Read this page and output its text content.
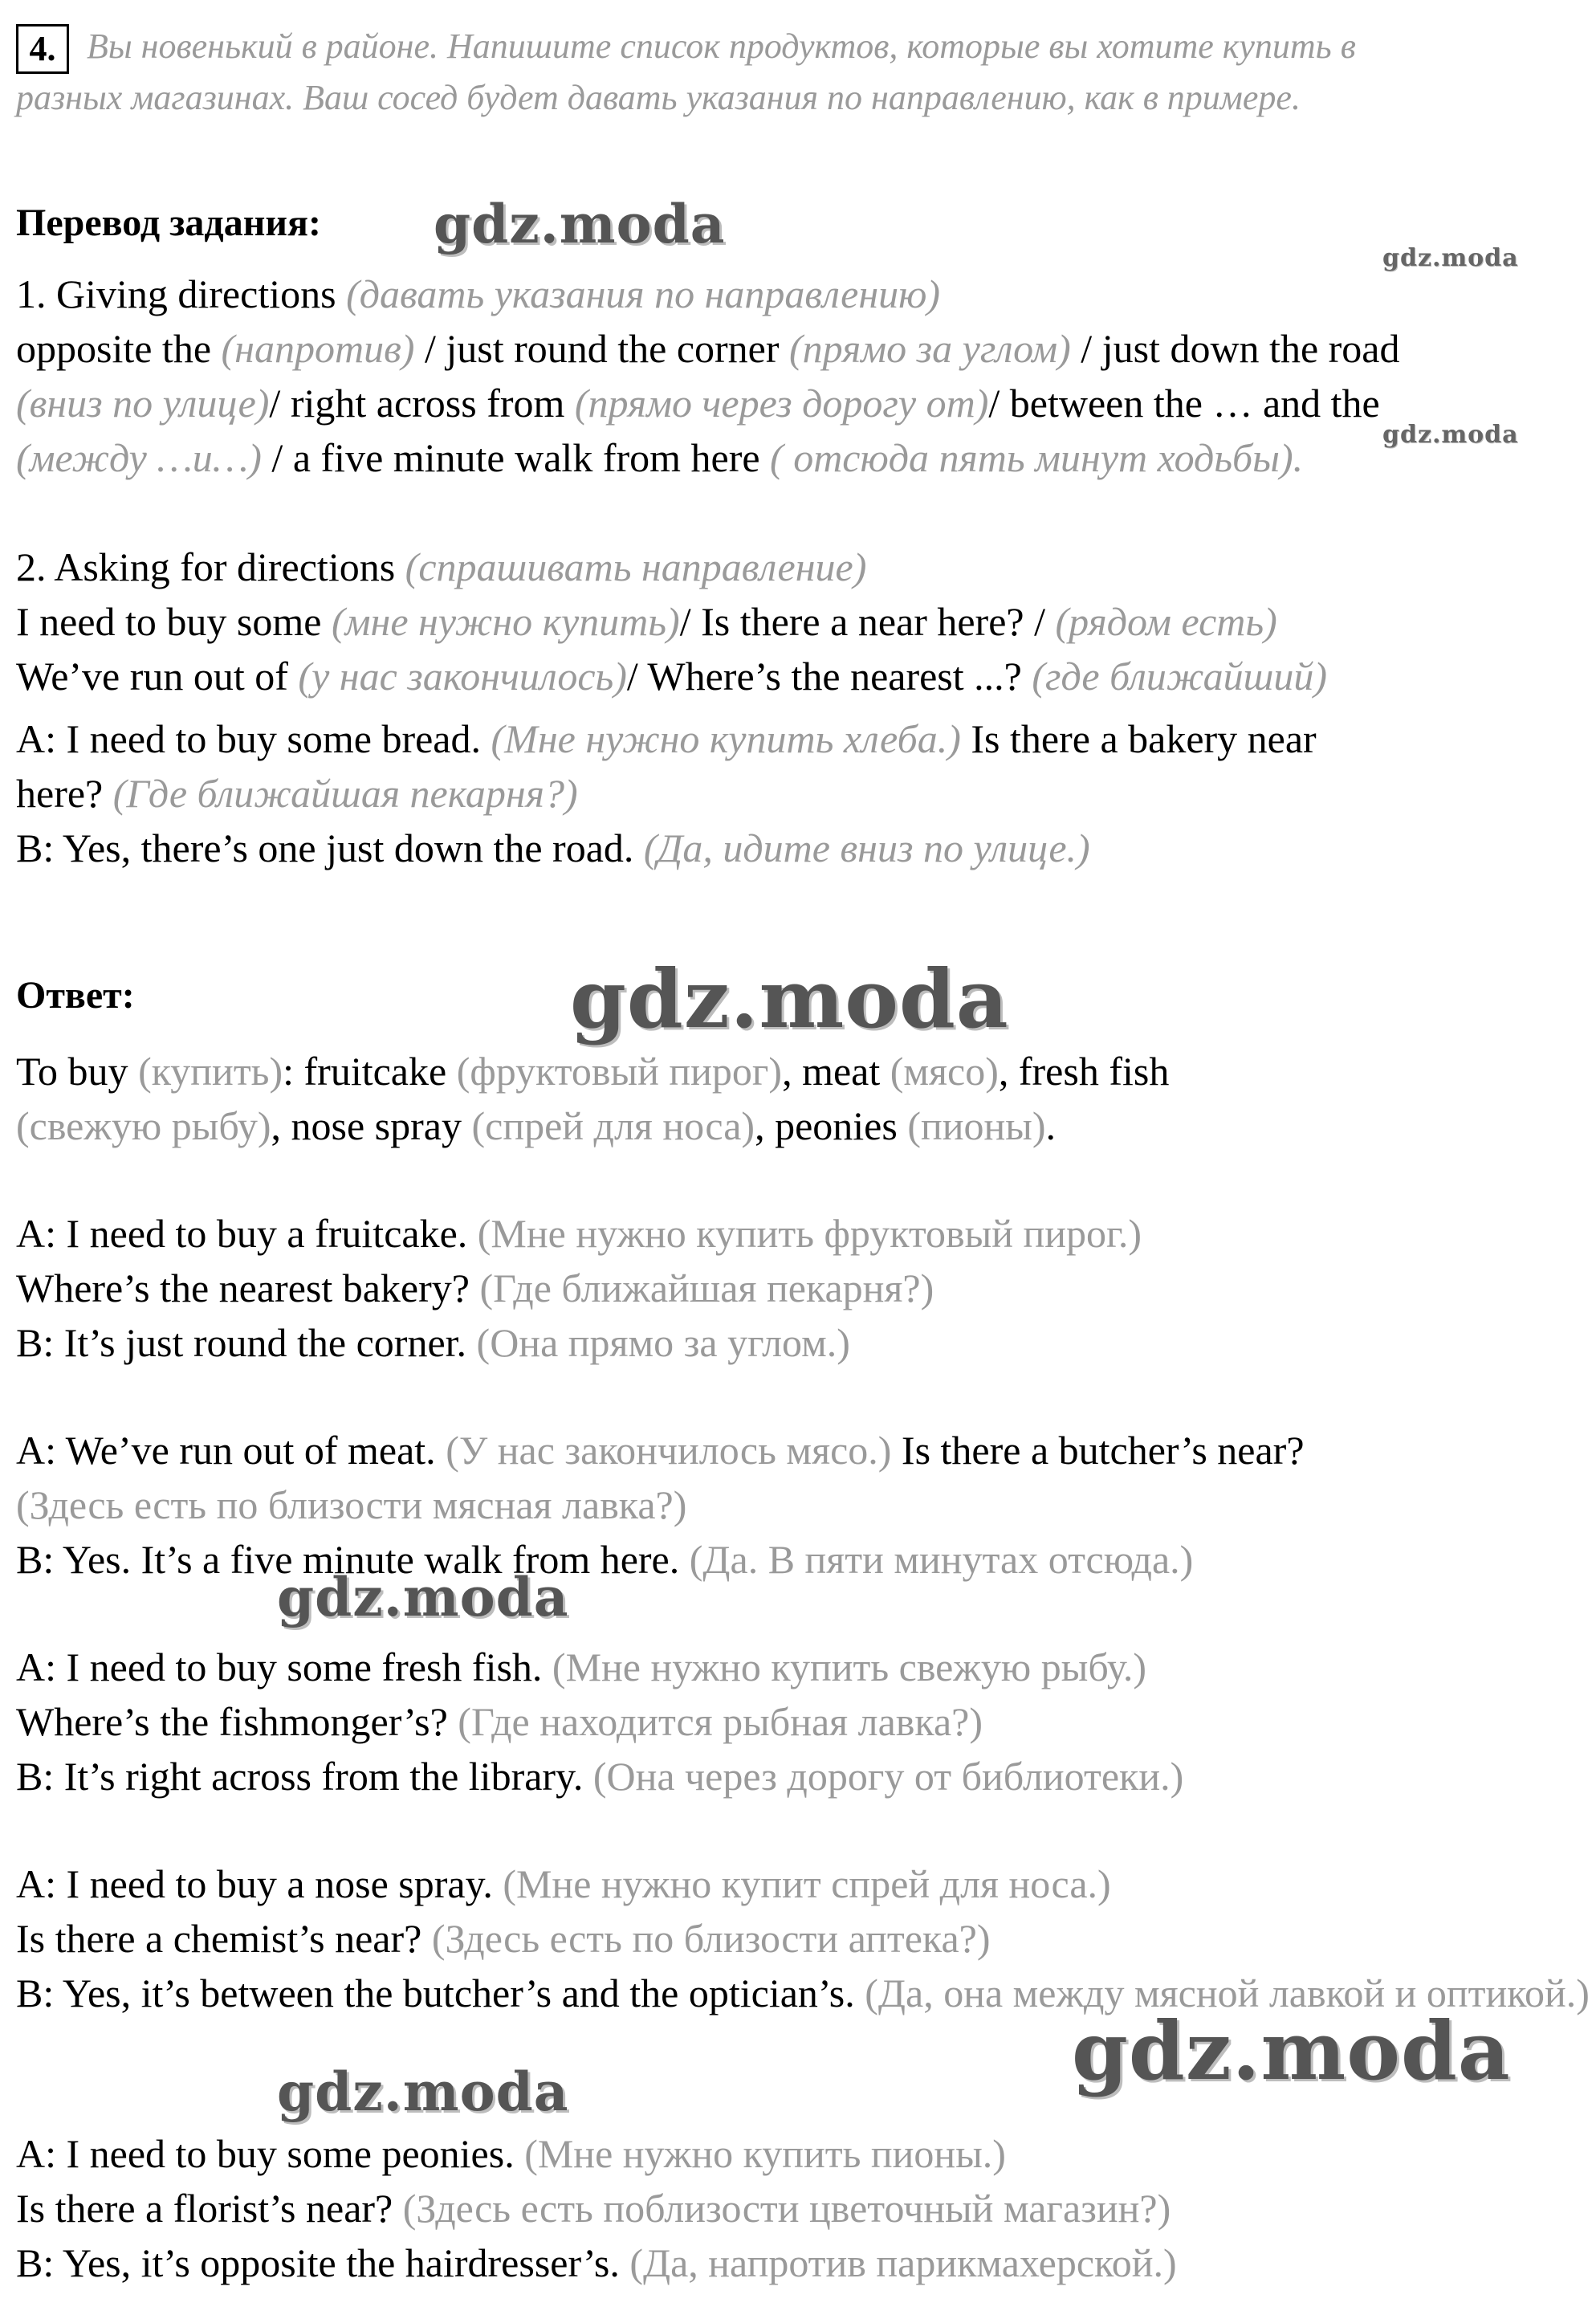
4. Вы новенький в районе. Напишите список продуктов, которые вы хотите купить в
разных магазинах. Ваш сосед будет давать указания по направлению, как в примере.
Перевод задания:
1. Giving directions (давать указания по направлению)
opposite the (напротив) / just round the corner (прямо за углом) / just down the road
(вниз по улице)/ right across from (прямо через дорогу от)/ between the … and the
(между …и…) / a five minute walk from here ( отсюда пять минут ходьбы).
2. Asking for directions (спрашивать направление)
I need to buy some (мне нужно купить)/ Is there a near here? / (рядом есть)
We’ve run out of (у нас закончилось)/ Where’s the nearest ...? (где ближайший)
A: I need to buy some bread. (Мне нужно купить хлеба.) Is there a bakery near
here? (Где ближайшая пекарня?)
B: Yes, there’s one just down the road. (Да, идите вниз по улице.)
Ответ:
To buy (купить): fruitcake (фруктовый пирог), meat (мясо), fresh fish
(свежую рыбу), nose spray (спрей для носа), peonies (пионы).
A: I need to buy a fruitcake. (Мне нужно купить фруктовый пирог.)
Where’s the nearest bakery? (Где ближайшая пекарня?)
B: It’s just round the corner. (Она прямо за углом.)
A: We’ve run out of meat. (У нас закончилось мясо.) Is there a butcher’s near?
(Здесь есть по близости мясная лавка?)
B: Yes. It’s a five minute walk from here. (Да. В пяти минутах отсюда.)
A: I need to buy some fresh fish. (Мне нужно купить свежую рыбу.)
Where’s the fishmonger’s? (Где находится рыбная лавка?)
B: It’s right across from the library. (Она через дорогу от библиотеки.)
A: I need to buy a nose spray. (Мне нужно купит спрей для носа.)
Is there a chemist’s near? (Здесь есть по близости аптека?)
B: Yes, it’s between the butcher’s and the optician’s. (Да, она между мясной лавкой и оптикой.)
A: I need to buy some peonies. (Мне нужно купить пионы.)
Is there a florist’s near? (Здесь есть поблизости цветочный магазин?)
B: Yes, it’s opposite the hairdresser’s. (Да, напротив парикмахерской.)
gdz.moda
gdz.moda
gdz.moda
gdz.moda
gdz.moda
gdz.moda
gdz.moda
